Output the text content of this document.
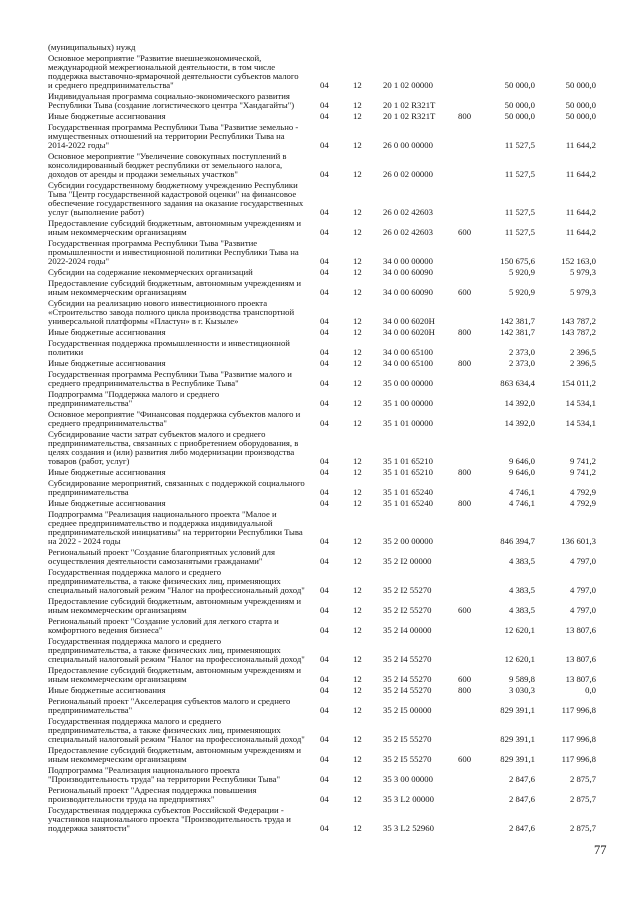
(муниципальных) нужд
Основное мероприятие "Развитие внешнеэкономической,
международной межрегиональной деятельности, в том числе
поддержка выставочно-ярмарочной деятельности субъектов малого
и среднего предпринимательства"	04	12	20 1 02 00000	50 000,0	50 000,0
Индивидуальная программа социально-экономического развития
Республики Тыва (создание логистического центра "Хандагайты")	04	12	20 1 02 R321T	50 000,0	50 000,0
Иные бюджетные ассигнования	04	12	20 1 02 R321T	800	50 000,0	50 000,0
Государственная программа Республики Тыва "Развитие земельно -
имущественных отношений на территории Республики Тыва на
2014-2022 годы"	04	12	26 0 00 00000	11 527,5	11 644,2
Основное мероприятие "Увеличение совокупных поступлений в
консолидированный бюджет республики от земельного налога,
доходов от аренды и продажи земельных участков"	04	12	26 0 02 00000	11 527,5	11 644,2
Субсидии государственному бюджетному учреждению Республики
Тыва "Центр государственной кадастровой оценки" на финансовое
обеспечение государственного задания на оказание государственных
услуг (выполнение работ)	04	12	26 0 02 42603	11 527,5	11 644,2
Предоставление субсидий бюджетным, автономным учреждениям и
иным некоммерческим организациям	04	12	26 0 02 42603	600	11 527,5	11 644,2
Государственная программа Республики Тыва "Развитие
промышленности и инвестиционной политики Республики Тыва на
2022-2024 годы"	04	12	34 0 00 00000	150 675,6	152 163,0
Субсидии на содержание некоммерческих организаций	04	12	34 0 00 60090	5 920,9	5 979,3
Предоставление субсидий бюджетным, автономным учреждениям и
иным некоммерческим организациям	04	12	34 0 00 60090	600	5 920,9	5 979,3
Субсидии на реализацию нового инвестиционного проекта
«Строительство завода полного цикла производства транспортной
универсальной платформы «Пластун» в г. Кызыле»	04	12	34 0 00 6020Н	142 381,7	143 787,2
Иные бюджетные ассигнования	04	12	34 0 00 6020Н	800	142 381,7	143 787,2
Государственная поддержка промышленности и инвестиционной
политики	04	12	34 0 00 65100	2 373,0	2 396,5
Иные бюджетные ассигнования	04	12	34 0 00 65100	800	2 373,0	2 396,5
Государственная программа Республики Тыва "Развитие малого и
среднего предпринимательства в Республике Тыва"	04	12	35 0 00 00000	863 634,4	154 011,2
Подпрограмма "Поддержка малого и среднего
предпринимательства"	04	12	35 1 00 00000	14 392,0	14 534,1
Основное мероприятие "Финансовая поддержка субъектов малого и
среднего предпринимательства"	04	12	35 1 01 00000	14 392,0	14 534,1
Субсидирование части затрат субъектов малого и среднего
предпринимательства, связанных с приобретением оборудования, в
целях создания и (или) развития либо модернизации производства
товаров (работ, услуг)	04	12	35 1 01 65210	9 646,0	9 741,2
Иные бюджетные ассигнования	04	12	35 1 01 65210	800	9 646,0	9 741,2
Субсидирование мероприятий, связанных с поддержкой социального
предпринимательства	04	12	35 1 01 65240	4 746,1	4 792,9
Иные бюджетные ассигнования	04	12	35 1 01 65240	800	4 746,1	4 792,9
Подпрограмма "Реализация национального проекта "Малое и
среднее предпринимательство и поддержка индивидуальной
предпринимательской инициативы" на территории Республики Тыва
на 2022 - 2024 годы	04	12	35 2 00 00000	846 394,7	136 601,3
Региональный проект "Создание благоприятных условий для
осуществления деятельности самозанятыми гражданами"	04	12	35 2 I2 00000	4 383,5	4 797,0
Государственная поддержка малого и среднего
предпринимательства, а также физических лиц, применяющих
специальный налоговый режим "Налог на профессиональный доход"	04	12	35 2 I2 55270	4 383,5	4 797,0
Предоставление субсидий бюджетным, автономным учреждениям и
иным некоммерческим организациям	04	12	35 2 I2 55270	600	4 383,5	4 797,0
Региональный проект "Создание условий для легкого старта и
комфортного ведения бизнеса"	04	12	35 2 I4 00000	12 620,1	13 807,6
Государственная поддержка малого и среднего
предпринимательства, а также физических лиц, применяющих
специальный налоговый режим "Налог на профессиональный доход"	04	12	35 2 I4 55270	12 620,1	13 807,6
Предоставление субсидий бюджетным, автономным учреждениям и
иным некоммерческим организациям	04	12	35 2 I4 55270	600	9 589,8	13 807,6
Иные бюджетные ассигнования	04	12	35 2 I4 55270	800	3 030,3	0,0
Региональный проект "Акселерация субъектов малого и среднего
предпринимательства"	04	12	35 2 I5 00000	829 391,1	117 996,8
Государственная поддержка малого и среднего
предпринимательства, а также физических лиц, применяющих
специальный налоговый режим "Налог на профессиональный доход"	04	12	35 2 I5 55270	829 391,1	117 996,8
Предоставление субсидий бюджетным, автономным учреждениям и
иным некоммерческим организациям	04	12	35 2 I5 55270	600	829 391,1	117 996,8
Подпрограмма "Реализация национального проекта
"Производительность труда" на территории Республики Тыва"	04	12	35 3 00 00000	2 847,6	2 875,7
Региональный проект "Адресная поддержка повышения
производительности труда на предприятиях"	04	12	35 3 L2 00000	2 847,6	2 875,7
Государственная поддержка субъектов Российской Федерации -
участников национального проекта "Производительность труда и
поддержка занятости"	04	12	35 3 L2 52960	2 847,6	2 875,7
77
